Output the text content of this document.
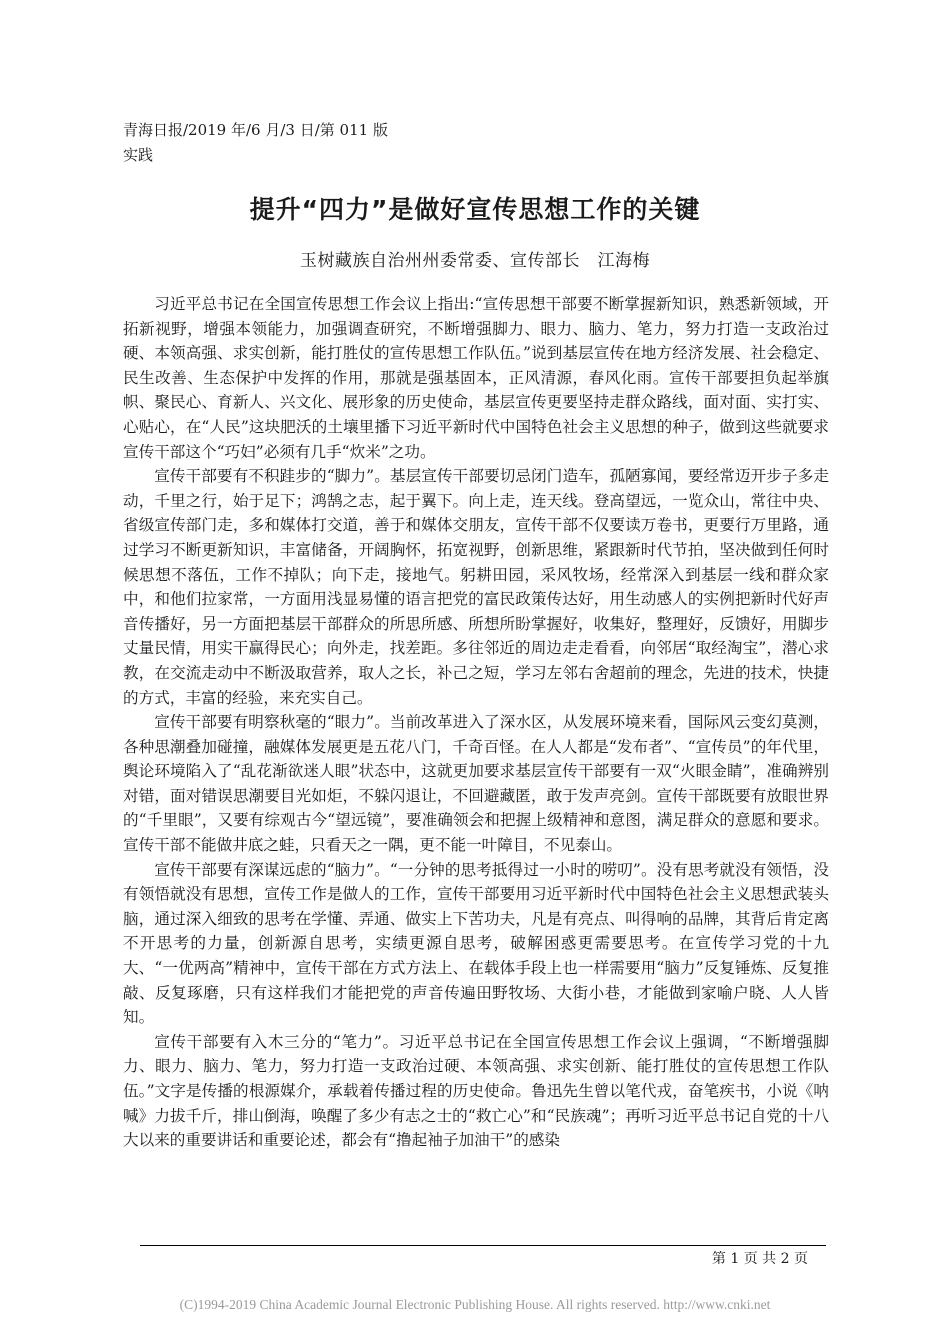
青海日报/2019 年/6 月/3 日/第 011 版
实践
提升“四力”是做好宣传思想工作的关键
玉树藏族自治州州委常委、宣传部长　江海梅

习近平总书记在全国宣传思想工作会议上指出:“宣传思想干部要不断掌握新知识，熟悉新领域，开拓新视野，增强本领能力，加强调查研究，不断增强脚力、眼力、脑力、笔力，努力打造一支政治过硬、本领高强、求实创新，能打胜仗的宣传思想工作队伍。”说到基层宣传在地方经济发展、社会稳定、民生改善、生态保护中发挥的作用，那就是强基固本，正风清源，春风化雨。宣传干部要担负起举旗帜、聚民心、育新人、兴文化、展形象的历史使命，基层宣传更要坚持走群众路线，面对面、实打实、心贴心，在“人民”这块肥沃的土壤里播下习近平新时代中国特色社会主义思想的种子，做到这些就要求宣传干部这个“巧妇”必须有几手“炊米”之功。

宣传干部要有不积跬步的“脚力”。基层宣传干部要切忌闭门造车，孤陋寡闻，要经常迈开步子多走动，千里之行，始于足下；鸿鹄之志，起于翼下。向上走，连天线。登高望远，一览众山，常往中央、省级宣传部门走，多和媒体打交道，善于和媒体交朋友，宣传干部不仅要读万卷书，更要行万里路，通过学习不断更新知识，丰富储备，开阔胸怀，拓宽视野，创新思维，紧跟新时代节拍，坚决做到任何时候思想不落伍，工作不掉队；向下走，接地气。躬耕田园，采风牧场，经常深入到基层一线和群众家中，和他们拉家常，一方面用浅显易懂的语言把党的富民政策传达好，用生动感人的实例把新时代好声音传播好，另一方面把基层干部群众的所思所感、所想所盼掌握好，收集好，整理好，反馈好，用脚步丈量民情，用实干赢得民心；向外走，找差距。多往邻近的周边走走看看，向邻居“取经淘宝”，潜心求教，在交流走动中不断汲取营养，取人之长，补己之短，学习左邻右舍超前的理念，先进的技术，快捷的方式，丰富的经验，来充实自己。

宣传干部要有明察秋毫的“眼力”。当前改革进入了深水区，从发展环境来看，国际风云变幻莫测，各种思潮叠加碰撞，融媒体发展更是五花八门，千奇百怪。在人人都是“发布者”、“宣传员”的年代里，舆论环境陷入了“乱花渐欲迷人眼”状态中，这就更加要求基层宣传干部要有一双“火眼金睛”，准确辨别对错，面对错误思潮要目光如炬，不躲闪退让，不回避藏匿，敢于发声亮剑。宣传干部既要有放眼世界的“千里眼”，又要有综观古今“望远镜”，要准确领会和把握上级精神和意图，满足群众的意愿和要求。宣传干部不能做井底之蛙，只看天之一隅，更不能一叶障目，不见泰山。

宣传干部要有深谋远虑的“脑力”。“一分钟的思考抵得过一小时的唠叨”。没有思考就没有领悟，没有领悟就没有思想，宣传工作是做人的工作，宣传干部要用习近平新时代中国特色社会主义思想武装头脑，通过深入细致的思考在学懂、弄通、做实上下苦功夫，凡是有亮点、叫得响的品牌，其背后肯定离不开思考的力量，创新源自思考，实绩更源自思考，破解困惑更需要思考。在宣传学习党的十九大、“一优两高”精神中，宣传干部在方式方法上、在载体手段上也一样需要用“脑力”反复锤炼、反复推敲、反复琢磨，只有这样我们才能把党的声音传遍田野牧场、大街小巷，才能做到家喻户晓、人人皆知。

宣传干部要有入木三分的“笔力”。习近平总书记在全国宣传思想工作会议上强调，“不断增强脚力、眼力、脑力、笔力，努力打造一支政治过硬、本领高强、求实创新、能打胜仗的宣传思想工作队伍。”文字是传播的根源媒介，承载着传播过程的历史使命。鲁迅先生曾以笔代戎，奋笔疾书，小说《呐喊》力拔千斤，排山倒海，唤醒了多少有志之士的“救亡心”和“民族魂”；再听习近平总书记自党的十八大以来的重要讲话和重要论述，都会有“撸起袖子加油干”的感染

第 1 页 共 2 页
(C)1994-2019 China Academic Journal Electronic Publishing House. All rights reserved. http://www.cnki.net
